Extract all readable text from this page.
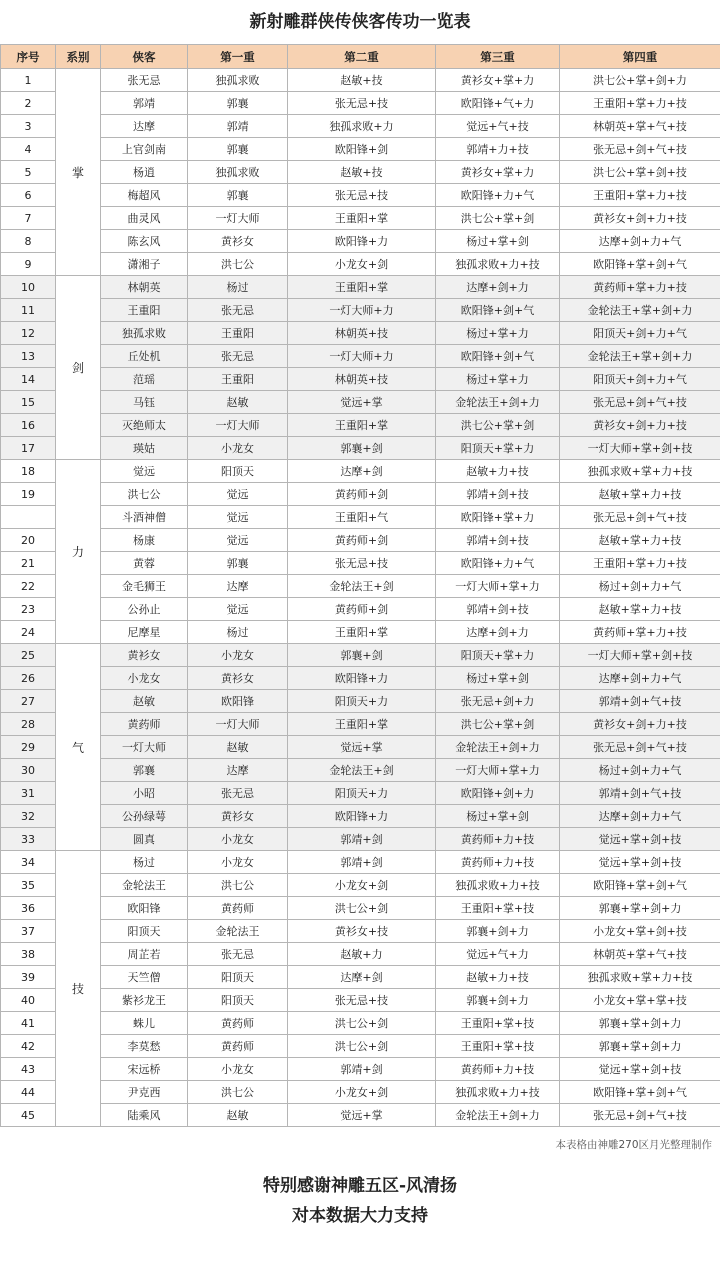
新射雕群侠传侠客传功一览表
序号	系别	侠客	第一重	第二重	第三重	第四重
1	掌	张无忌	独孤求败	赵敏+技	黄衫女+掌+力	洪七公+掌+剑+力
2		郭靖	郭襄	张无忌+技	欧阳锋+气+力	王重阳+掌+力+技
3		达摩	郭靖	独孤求败+力	觉远+气+技	林朝英+掌+气+技
4		上官剑南	郭襄	欧阳锋+剑	郭靖+力+技	张无忌+剑+气+技
5		杨逍	独孤求败	赵敏+技	黄衫女+掌+力	洪七公+掌+剑+技
6		梅超风	郭襄	张无忌+技	欧阳锋+力+气	王重阳+掌+力+技
7		曲灵风	一灯大师	王重阳+掌	洪七公+掌+剑	黄衫女+剑+力+技
8		陈玄风	黄衫女	欧阳锋+力	杨过+掌+剑	达摩+剑+力+气
9		潇湘子	洪七公	小龙女+剑	独孤求败+力+技	欧阳锋+掌+剑+气
10	剑	林朝英	杨过	王重阳+掌	达摩+剑+力	黄药师+掌+力+技
11		王重阳	张无忌	一灯大师+力	欧阳锋+剑+气	金轮法王+掌+剑+力
12		独孤求败	王重阳	林朝英+技	杨过+掌+力	阳顶天+剑+力+气
13		丘处机	张无忌	一灯大师+力	欧阳锋+剑+气	金轮法王+掌+剑+力
14		范瑶	王重阳	林朝英+技	杨过+掌+力	阳顶天+剑+力+气
15		马钰	赵敏	觉远+掌	金轮法王+剑+力	张无忌+剑+气+技
16		灭绝师太	一灯大师	王重阳+掌	洪七公+掌+剑	黄衫女+剑+力+技
17		瑛姑	小龙女	郭襄+剑	阳顶天+掌+力	一灯大师+掌+剑+技
18	力	觉远	阳顶天	达摩+剑	赵敏+力+技	独孤求败+掌+力+技
19		洪七公	觉远	黄药师+剑	郭靖+剑+技	赵敏+掌+力+技
		斗酒神僧	觉远	王重阳+气	欧阳锋+掌+力	张无忌+剑+气+技
20		杨康	觉远	黄药师+剑	郭靖+剑+技	赵敏+掌+力+技
21		黄蓉	郭襄	张无忌+技	欧阳锋+力+气	王重阳+掌+力+技
22		金毛狮王	达摩	金轮法王+剑	一灯大师+掌+力	杨过+剑+力+气
23		公孙止	觉远	黄药师+剑	郭靖+剑+技	赵敏+掌+力+技
24		尼摩星	杨过	王重阳+掌	达摩+剑+力	黄药师+掌+力+技
25	气	黄衫女	小龙女	郭襄+剑	阳顶天+掌+力	一灯大师+掌+剑+技
26		小龙女	黄衫女	欧阳锋+力	杨过+掌+剑	达摩+剑+力+气
27		赵敏	欧阳锋	阳顶天+力	张无忌+剑+力	郭靖+剑+气+技
28		黄药师	一灯大师	王重阳+掌	洪七公+掌+剑	黄衫女+剑+力+技
29		一灯大师	赵敏	觉远+掌	金轮法王+剑+力	张无忌+剑+气+技
30		郭襄	达摩	金轮法王+剑	一灯大师+掌+力	杨过+剑+力+气
31		小昭	张无忌	阳顶天+力	欧阳锋+剑+力	郭靖+剑+气+技
32		公孙绿萼	黄衫女	欧阳锋+力	杨过+掌+剑	达摩+剑+力+气
33		圆真	小龙女	郭靖+剑	黄药师+力+技	觉远+掌+剑+技
34	技	杨过	小龙女	郭靖+剑	黄药师+力+技	觉远+掌+剑+技
35		金轮法王	洪七公	小龙女+剑	独孤求败+力+技	欧阳锋+掌+剑+气
36		欧阳锋	黄药师	洪七公+剑	王重阳+掌+技	郭襄+掌+剑+力
37		阳顶天	金轮法王	黄衫女+技	郭襄+剑+力	小龙女+掌+剑+技
38		周芷若	张无忌	赵敏+力	觉远+气+力	林朝英+掌+气+技
39		天竺僧	阳顶天	达摩+剑	赵敏+力+技	独孤求败+掌+力+技
40		紫衫龙王	阳顶天	张无忌+技	郭襄+剑+力	小龙女+掌+掌+技
41		蛛儿	黄药师	洪七公+剑	王重阳+掌+技	郭襄+掌+剑+力
42		李莫愁	黄药师	洪七公+剑	王重阳+掌+技	郭襄+掌+剑+力
43		宋远桥	小龙女	郭靖+剑	黄药师+力+技	觉远+掌+剑+技
44		尹克西	洪七公	小龙女+剑	独孤求败+力+技	欧阳锋+掌+剑+气
45		陆乘风	赵敏	觉远+掌	金轮法王+剑+力	张无忌+剑+气+技
本表格由神雕270区月光整理制作
特别感谢神雕五区-风清扬
对本数据大力支持
